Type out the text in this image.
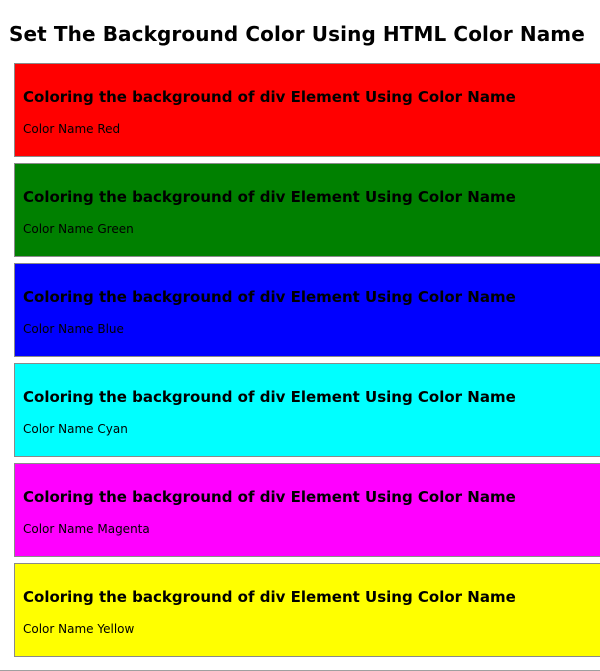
Set The Background Color Using HTML Color Name
Coloring the background of div Element Using Color Name

Color Name Red

Coloring the background of div Element Using Color Name

Color Name Green

Coloring the background of div Element Using Color Name

Color Name Blue

Coloring the background of div Element Using Color Name

Color Name Cyan

Coloring the background of div Element Using Color Name

Color Name Magenta

Coloring the background of div Element Using Color Name

Color Name Yellow
